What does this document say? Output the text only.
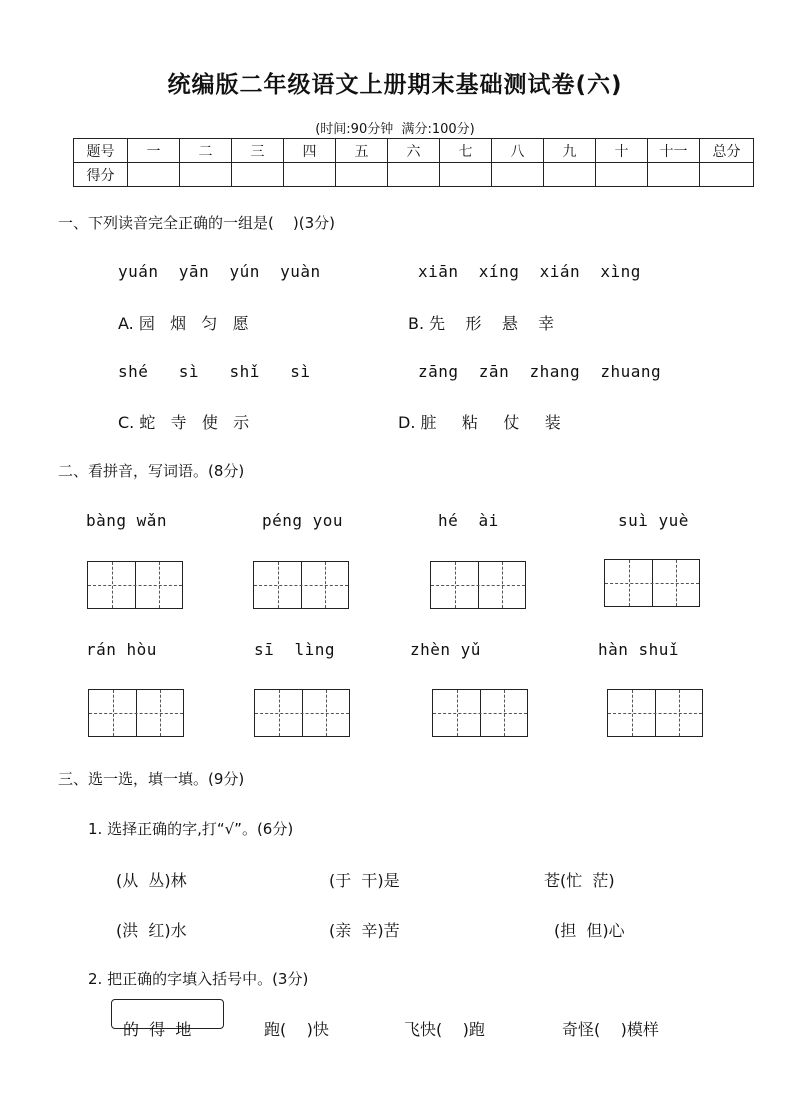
统编版二年级语文上册期末基础测试卷(六)
(时间:90分钟  满分:100分)
题号	一	二	三	四	五	六	七	八	九	十	十一	总分
得分												
一、下列读音完全正确的一组是(    )(3分)
yuán  yān  yún  yuàn	xiān  xíng  xián  xìng
A. 园   烟   匀   愿	B. 先    形    悬    幸
shé   sì   shǐ   sì	zāng  zān  zhang  zhuang
C. 蛇   寺   使   示	D. 脏     粘     仗     装
二、看拼音，写词语。(8分)
bàng wǎn	péng you	hé  ài	suì yuè
rán hòu	sī  lìng	zhèn yǔ	hàn shuǐ
三、选一选，填一填。(9分)
1. 选择正确的字,打“√”。(6分)
(从  丛)林	(于  干)是	苍(忙  茫)
(洪  红)水	(亲  辛)苦	(担  但)心
2. 把正确的字填入括号中。(3分)
的  得  地	跑(    )快	飞快(    )跑	奇怪(    )模样
